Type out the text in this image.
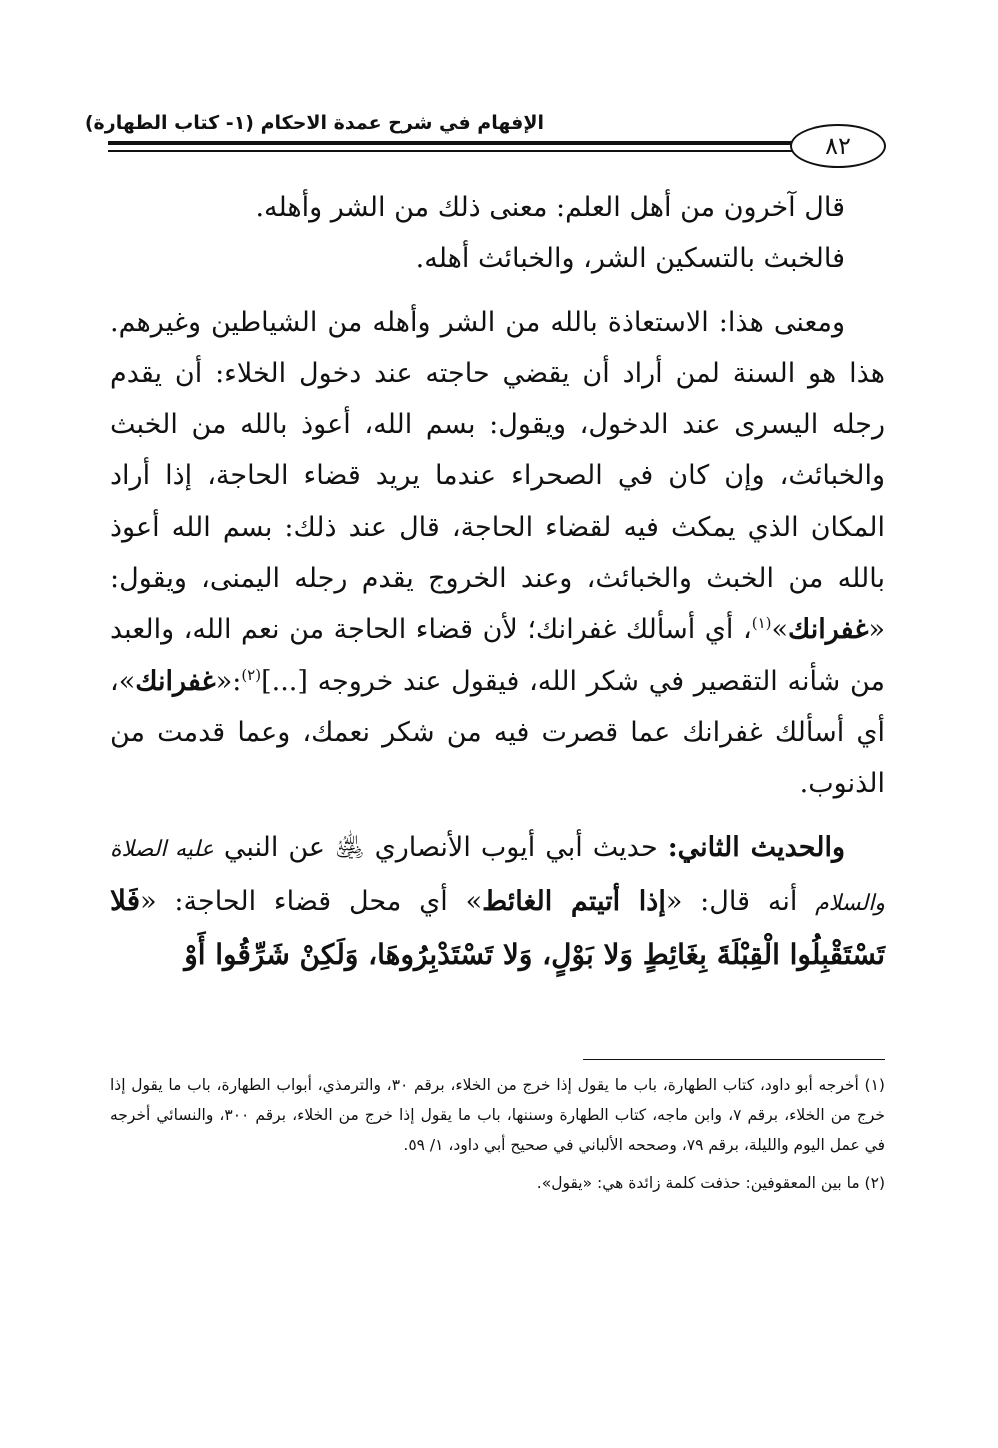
الإفهام في شرح عمدة الاحكام (١- كتاب الطهارة)
٨٢

قال آخرون من أهل العلم: معنى ذلك من الشر وأهله.

فالخبث بالتسكين الشر، والخبائث أهله.

ومعنى هذا: الاستعاذة بالله من الشر وأهله من الشياطين وغيرهم. هذا هو السنة لمن أراد أن يقضي حاجته عند دخول الخلاء: أن يقدم رجله اليسرى عند الدخول، ويقول: بسم الله، أعوذ بالله من الخبث والخبائث، وإن كان في الصحراء عندما يريد قضاء الحاجة، إذا أراد المكان الذي يمكث فيه لقضاء الحاجة، قال عند ذلك: بسم الله أعوذ بالله من الخبث والخبائث، وعند الخروج يقدم رجله اليمنى، ويقول: «غفرانك»$^{(١)}$، أي أسألك غفرانك؛ لأن قضاء الحاجة من نعم الله، والعبد من شأنه التقصير في شكر الله، فيقول عند خروجه [...]$^{(٢)}$:«غفرانك»، أي أسألك غفرانك عما قصرت فيه من شكر نعمك، وعما قدمت من الذنوب.

والحديث الثاني: حديث أبي أيوب الأنصاري ﵁ عن النبي عليه الصلاة والسلام أنه قال: «إذا أتيتم الغائط» أي محل قضاء الحاجة: «فَلا تَسْتَقْبِلُوا الْقِبْلَةَ بِغَائِطٍ وَلا بَوْلٍ، وَلا تَسْتَدْبِرُوهَا، وَلَكِنْ شَرِّقُوا أَوْ

(١) أخرجه أبو داود، كتاب الطهارة، باب ما يقول إذا خرج من الخلاء، برقم ٣٠، والترمذي، أبواب الطهارة، باب ما يقول إذا خرج من الخلاء، برقم ٧، وابن ماجه، كتاب الطهارة وسننها، باب ما يقول إذا خرج من الخلاء، برقم ٣٠٠، والنسائي أخرجه في عمل اليوم والليلة، برقم ٧٩، وصححه الألباني في صحيح أبي داود، ١/ ٥٩.

(٢) ما بين المعقوفين: حذفت كلمة زائدة هي: «يقول».
